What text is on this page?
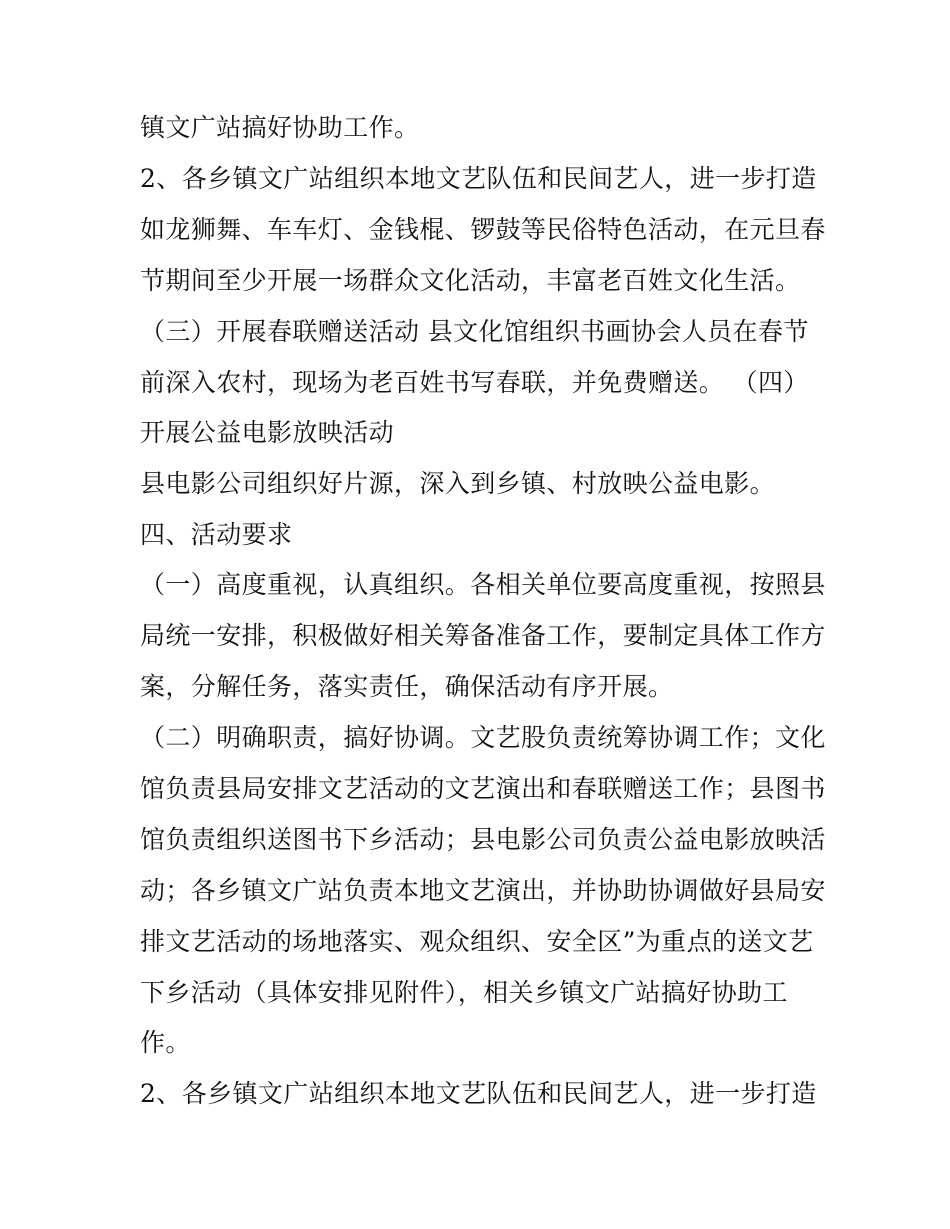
镇文广站搞好协助工作。
2、各乡镇文广站组织本地文艺队伍和民间艺人，进一步打造
如龙狮舞、车车灯、金钱棍、锣鼓等民俗特色活动，在元旦春
节期间至少开展一场群众文化活动，丰富老百姓文化生活。
（三）开展春联赠送活动 县文化馆组织书画协会人员在春节
前深入农村，现场为老百姓书写春联，并免费赠送。 （四）
开展公益电影放映活动
县电影公司组织好片源，深入到乡镇、村放映公益电影。
四、活动要求
（一）高度重视，认真组织。各相关单位要高度重视，按照县
局统一安排，积极做好相关筹备准备工作，要制定具体工作方
案，分解任务，落实责任，确保活动有序开展。
（二）明确职责，搞好协调。文艺股负责统筹协调工作；文化
馆负责县局安排文艺活动的文艺演出和春联赠送工作；县图书
馆负责组织送图书下乡活动；县电影公司负责公益电影放映活
动；各乡镇文广站负责本地文艺演出，并协助协调做好县局安
排文艺活动的场地落实、观众组织、安全区”为重点的送文艺
下乡活动（具体安排见附件），相关乡镇文广站搞好协助工
作。
2、各乡镇文广站组织本地文艺队伍和民间艺人，进一步打造
